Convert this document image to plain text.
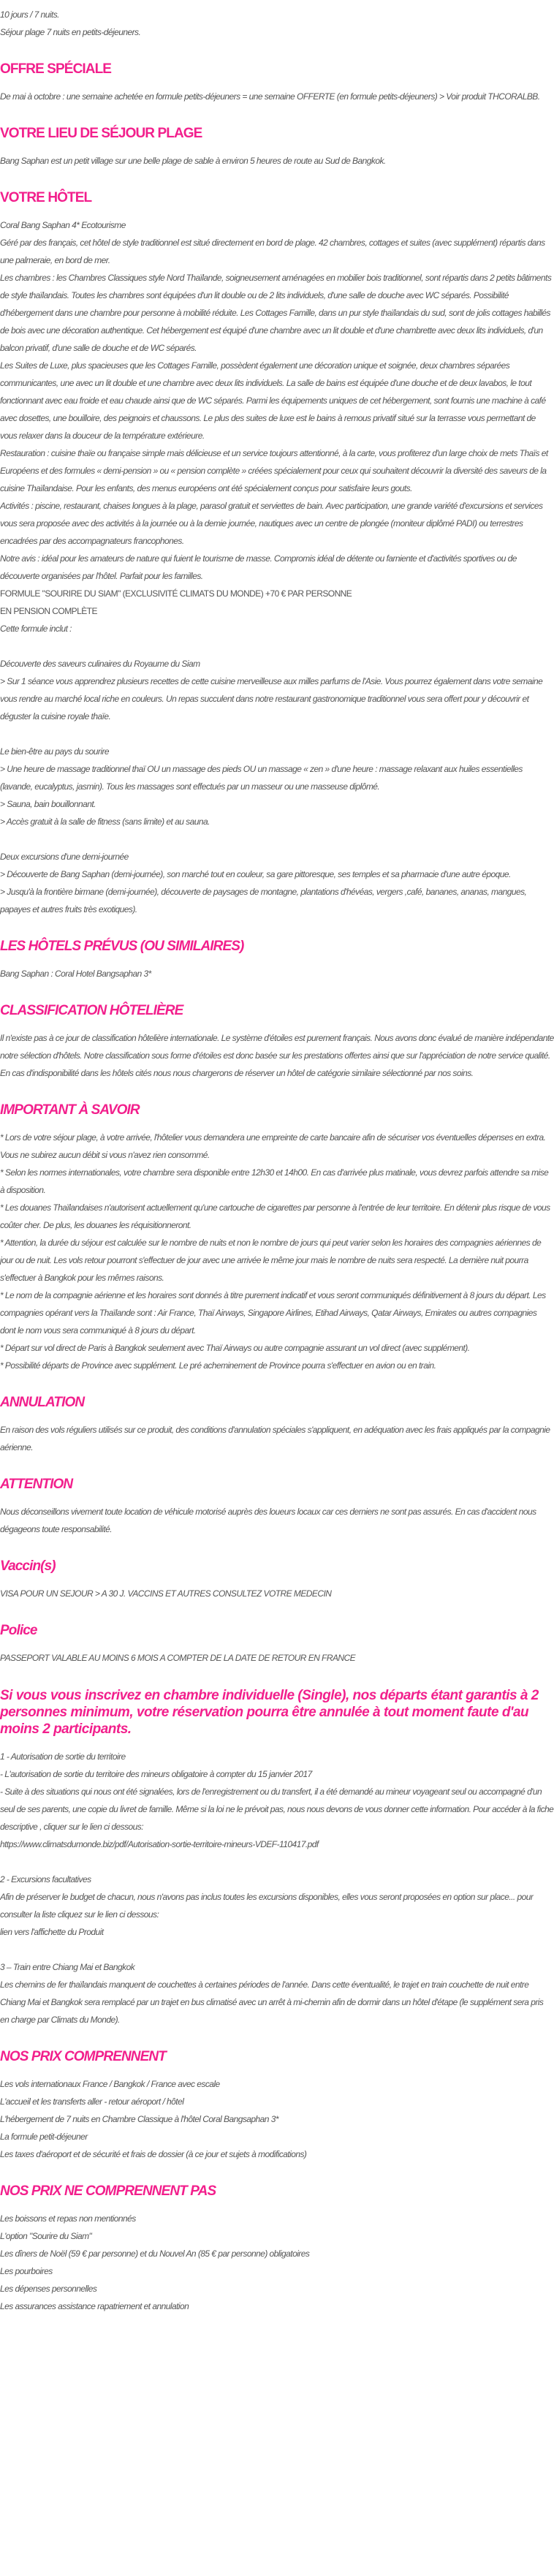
10 jours / 7 nuits.

Séjour plage 7 nuits en petits-déjeuners.

OFFRE SPÉCIALE

De mai à octobre : une semaine achetée en formule petits-déjeuners = une semaine OFFERTE (en formule petits-déjeuners) > Voir produit THCORALBB.

VOTRE LIEU DE SÉJOUR PLAGE

Bang Saphan est un petit village sur une belle plage de sable à environ 5 heures de route au Sud de Bangkok.

VOTRE HÔTEL

Coral Bang Saphan 4* Ecotourisme

Géré par des français, cet hôtel de style traditionnel est situé directement en bord de plage. 42 chambres, cottages et suites (avec supplément) répartis dans une palmeraie, en bord de mer.

Les chambres : les Chambres Classiques style Nord Thaïlande, soigneusement aménagées en mobilier bois traditionnel, sont répartis dans 2 petits bâtiments de style thaïlandais. Toutes les chambres sont équipées d'un lit double ou de 2 lits individuels, d'une salle de douche avec WC séparés. Possibilité d'hébergement dans une chambre pour personne à mobilité réduite. Les Cottages Famille, dans un pur style thaïlandais du sud, sont de jolis cottages habillés de bois avec une décoration authentique. Cet hébergement est équipé d'une chambre avec un lit double et d'une chambrette avec deux lits individuels, d'un balcon privatif, d'une salle de douche et de WC séparés.

Les Suites de Luxe, plus spacieuses que les Cottages Famille, possèdent également une décoration unique et soignée, deux chambres séparées communicantes, une avec un lit double et une chambre avec deux lits individuels. La salle de bains est équipée d'une douche et de deux lavabos, le tout fonctionnant avec eau froide et eau chaude ainsi que de WC séparés. Parmi les équipements uniques de cet hébergement, sont fournis une machine à café avec dosettes, une bouilloire, des peignoirs et chaussons. Le plus des suites de luxe est le bains à remous privatif situé sur la terrasse vous permettant de vous relaxer dans la douceur de la température extérieure.

Restauration : cuisine thaïe ou française simple mais délicieuse et un service toujours attentionné, à la carte, vous profiterez d'un large choix de mets Thaïs et Européens et des formules « demi-pension » ou « pension complète » créées spécialement pour ceux qui souhaitent découvrir la diversité des saveurs de la cuisine Thaïlandaise. Pour les enfants, des menus européens ont été spécialement conçus pour satisfaire leurs gouts.

Activités : piscine, restaurant, chaises longues à la plage, parasol gratuit et serviettes de bain. Avec participation, une grande variété d'excursions et services vous sera proposée avec des activités à la journée ou à la demie journée, nautiques avec un centre de plongée (moniteur diplômé PADI) ou terrestres encadrées par des accompagnateurs francophones.

Notre avis : idéal pour les amateurs de nature qui fuient le tourisme de masse. Compromis idéal de détente ou farniente et d'activités sportives ou de découverte organisées par l'hôtel. Parfait pour les familles.

FORMULE "SOURIRE DU SIAM" (EXCLUSIVITÉ CLIMATS DU MONDE) +70 € PAR PERSONNE

EN PENSION COMPLÈTE

Cette formule inclut :

Découverte des saveurs culinaires du Royaume du Siam

> Sur 1 séance vous apprendrez plusieurs recettes de cette cuisine merveilleuse aux milles parfums de l'Asie. Vous pourrez également dans votre semaine vous rendre au marché local riche en couleurs. Un repas succulent dans notre restaurant gastronomique traditionnel vous sera offert pour y découvrir et déguster la cuisine royale thaïe.

Le bien-être au pays du sourire

> Une heure de massage traditionnel thaï OU un massage des pieds OU un massage « zen » d'une heure : massage relaxant aux huiles essentielles (lavande, eucalyptus, jasmin). Tous les massages sont effectués par un masseur ou une masseuse diplômé.

> Sauna, bain bouillonnant.

> Accès gratuit à la salle de fitness (sans limite) et au sauna.

Deux excursions d'une demi-journée

> Découverte de Bang Saphan (demi-journée), son marché tout en couleur, sa gare pittoresque, ses temples et sa pharmacie d'une autre époque.

> Jusqu'à la frontière birmane (demi-journée), découverte de paysages de montagne, plantations d'hévéas, vergers ,café, bananes, ananas, mangues, papayes et autres fruits très exotiques).

LES HÔTELS PRÉVUS (OU SIMILAIRES)

Bang Saphan : Coral Hotel Bangsaphan 3*

CLASSIFICATION HÔTELIÈRE

Il n'existe pas à ce jour de classification hôtelière internationale. Le système d'étoiles est purement français. Nous avons donc évalué de manière indépendante notre sélection d'hôtels. Notre classification sous forme d'étoiles est donc basée sur les prestations offertes ainsi que sur l'appréciation de notre service qualité. En cas d'indisponibilité dans les hôtels cités nous nous chargerons de réserver un hôtel de catégorie similaire sélectionné par nos soins.

IMPORTANT À SAVOIR

* Lors de votre séjour plage, à votre arrivée, l'hôtelier vous demandera une empreinte de carte bancaire afin de sécuriser vos éventuelles dépenses en extra. Vous ne subirez aucun débit si vous n'avez rien consommé.

* Selon les normes internationales, votre chambre sera disponible entre 12h30 et 14h00. En cas d'arrivée plus matinale, vous devrez parfois attendre sa mise à disposition.

* Les douanes Thaïlandaises n'autorisent actuellement qu'une cartouche de cigarettes par personne à l'entrée de leur territoire. En détenir plus risque de vous coûter cher. De plus, les douanes les réquisitionneront.

* Attention, la durée du séjour est calculée sur le nombre de nuits et non le nombre de jours qui peut varier selon les horaires des compagnies aériennes de jour ou de nuit. Les vols retour pourront s'effectuer de jour avec une arrivée le même jour mais le nombre de nuits sera respecté. La dernière nuit pourra s'effectuer à Bangkok pour les mêmes raisons.

* Le nom de la compagnie aérienne et les horaires sont donnés à titre purement indicatif et vous seront communiqués définitivement à 8 jours du départ. Les compagnies opérant vers la Thaïlande sont : Air France, Thaï Airways, Singapore Airlines, Etihad Airways, Qatar Airways, Emirates ou autres compagnies dont le nom vous sera communiqué à 8 jours du départ.

* Départ sur vol direct de Paris à Bangkok seulement avec Thaï Airways ou autre compagnie assurant un vol direct (avec supplément).

* Possibilité départs de Province avec supplément. Le pré acheminement de Province pourra s'effectuer en avion ou en train.

ANNULATION

En raison des vols réguliers utilisés sur ce produit, des conditions d'annulation spéciales s'appliquent, en adéquation avec les frais appliqués par la compagnie aérienne.

ATTENTION

Nous déconseillons vivement toute location de véhicule motorisé auprès des loueurs locaux car ces derniers ne sont pas assurés. En cas d'accident nous dégageons toute responsabilité.

Vaccin(s)

VISA POUR UN SEJOUR > A 30 J. VACCINS ET AUTRES CONSULTEZ VOTRE MEDECIN

Police

PASSEPORT VALABLE AU MOINS 6 MOIS A COMPTER DE LA DATE DE RETOUR EN FRANCE

Si vous vous inscrivez en chambre individuelle (Single), nos départs étant garantis à 2 personnes minimum, votre réservation pourra être annulée à tout moment faute d'au moins 2 participants.

1 - Autorisation de sortie du territoire

- L'autorisation de sortie du territoire des mineurs obligatoire à compter du 15 janvier 2017

- Suite à des situations qui nous ont été signalées, lors de l'enregistrement ou du transfert, il a été demandé au mineur voyageant seul ou accompagné d'un seul de ses parents, une copie du livret de famille. Même si la loi ne le prévoit pas, nous nous devons de vous donner cette information. Pour accéder à la fiche descriptive , cliquer sur le lien ci dessous:

https://www.climatsdumonde.biz/pdf/Autorisation-sortie-territoire-mineurs-VDEF-110417.pdf

2 - Excursions facultatives

Afin de préserver le budget de chacun, nous n'avons pas inclus toutes les excursions disponibles, elles vous seront proposées en option sur place... pour consulter la liste cliquez sur le lien ci dessous:

lien vers l'affichette du Produit

3 – Train entre Chiang Mai et Bangkok

Les chemins de fer thaïlandais manquent de couchettes à certaines périodes de l'année. Dans cette éventualité, le trajet en train couchette de nuit entre Chiang Mai et Bangkok sera remplacé par un trajet en bus climatisé avec un arrêt à mi-chemin afin de dormir dans un hôtel d'étape (le supplément sera pris en charge par Climats du Monde).

NOS PRIX COMPRENNENT

Les vols internationaux France / Bangkok / France avec escale

L'accueil et les transferts aller - retour aéroport / hôtel

L'hébergement de 7 nuits en Chambre Classique à l'hôtel Coral Bangsaphan 3*

La formule petit-déjeuner

Les taxes d'aéroport et de sécurité et frais de dossier (à ce jour et sujets à modifications)

NOS PRIX NE COMPRENNENT PAS

Les boissons et repas non mentionnés

L'option "Sourire du Siam"

Les dîners de Noël (59 € par personne) et du Nouvel An (85 € par personne) obligatoires

Les pourboires

Les dépenses personnelles

Les assurances assistance rapatriement et annulation
